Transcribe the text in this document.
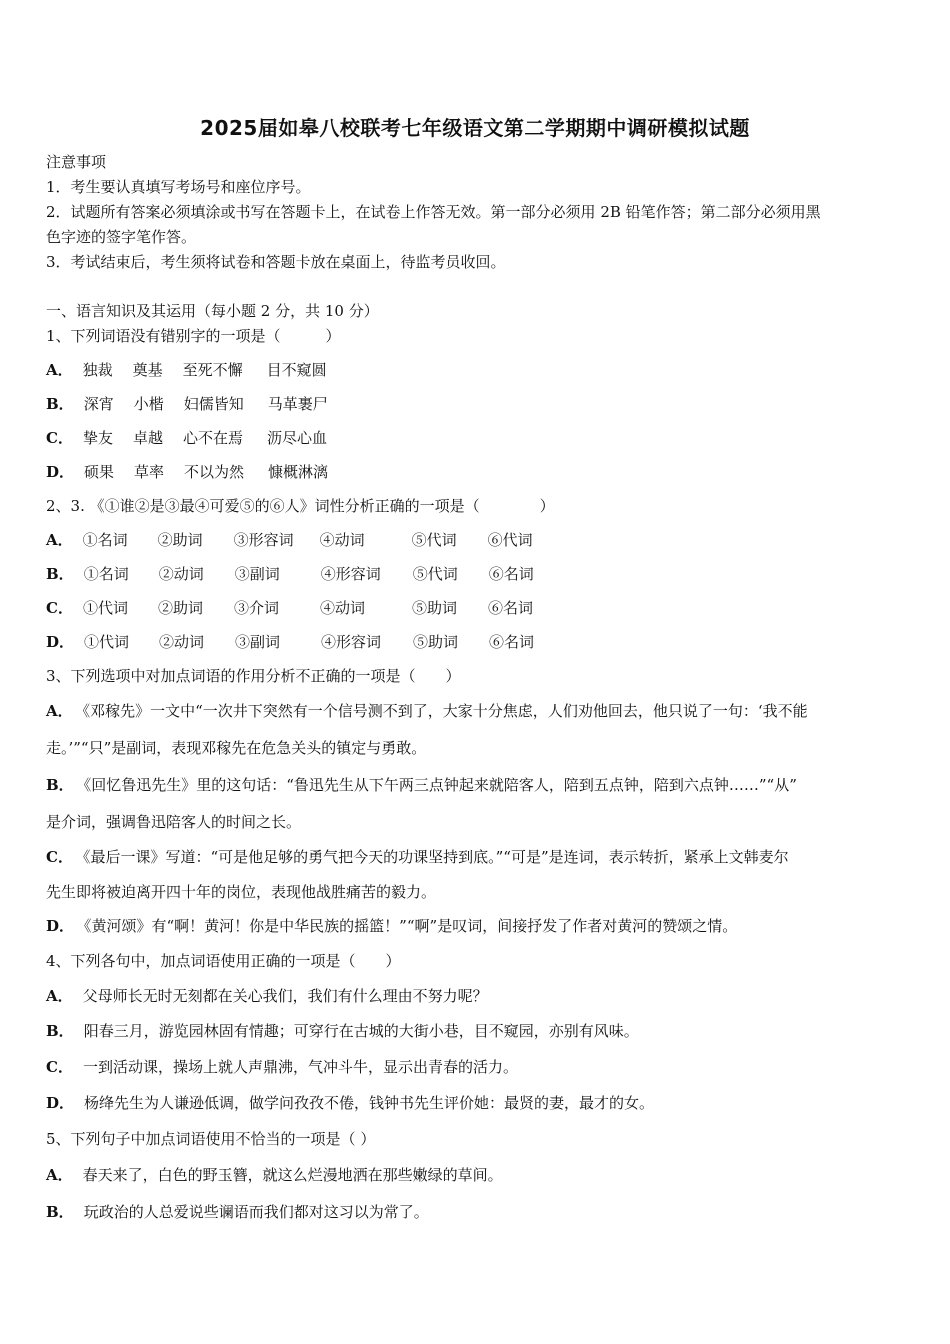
2025届如皋八校联考七年级语文第二学期期中调研模拟试题
注意事项
1．考生要认真填写考场号和座位序号。
2．试题所有答案必须填涂或书写在答题卡上，在试卷上作答无效。第一部分必须用 2B 铅笔作答；第二部分必须用黑
色字迹的签字笔作答。
3．考试结束后，考生须将试卷和答题卡放在桌面上，待监考员收回。
一、语言知识及其运用（每小题 2 分，共 10 分）
1、下列词语没有错别字的一项是（　　　）
A． 独裁 奠基 至死不懈 目不窥圆
B． 深宵 小楷 妇儒皆知 马革裹尸
C． 挚友 卓越 心不在焉 沥尽心血
D． 硕果 草率 不以为然 慷概淋漓
2、3. 《①谁②是③最④可爱⑤的⑥人》词性分析正确的一项是（　　　　）
A． ①名词 ②助词 ③形容词 ④动词	⑤代词 ⑥代词
B． ①名词 ②动词 ③副词	④形容词 ⑤代词 ⑥名词
C． ①代词 ②助词 ③介词	④动词	⑤助词 ⑥名词
D． ①代词 ②动词 ③副词	④形容词 ⑤助词 ⑥名词
3、下列选项中对加点词语的作用分析不正确的一项是（　　）
A． 《邓稼先》一文中“一次井下突然有一个信号测不到了，大家十分焦虑，人们劝他回去，他只说了一句：‘我不能
走。’”“只”是副词，表现邓稼先在危急关头的镇定与勇敢。
B． 《回忆鲁迅先生》里的这句话：“鲁迅先生从下午两三点钟起来就陪客人，陪到五点钟，陪到六点钟……”“从”
是介词，强调鲁迅陪客人的时间之长。
C． 《最后一课》写道：“可是他足够的勇气把今天的功课坚持到底。”“可是”是连词，表示转折，紧承上文韩麦尔
先生即将被迫离开四十年的岗位，表现他战胜痛苦的毅力。
D． 《黄河颂》有“啊！黄河！你是中华民族的摇篮！”“啊”是叹词，间接抒发了作者对黄河的赞颂之情。
4、下列各句中，加点词语使用正确的一项是（　　）
A． 父母师长无时无刻都在关心我们，我们有什么理由不努力呢？
B． 阳春三月，游览园林固有情趣；可穿行在古城的大街小巷，目不窥园，亦别有风味。
C． 一到活动课，操场上就人声鼎沸，气冲斗牛，显示出青春的活力。
D． 杨绛先生为人谦逊低调，做学问孜孜不倦，钱钟书先生评价她：最贤的妻，最才的女。
5、下列句子中加点词语使用不恰当的一项是（ ）
A． 春天来了，白色的野玉簪，就这么烂漫地洒在那些嫩绿的草间。
B． 玩政治的人总爱说些谰语而我们都对这习以为常了。
